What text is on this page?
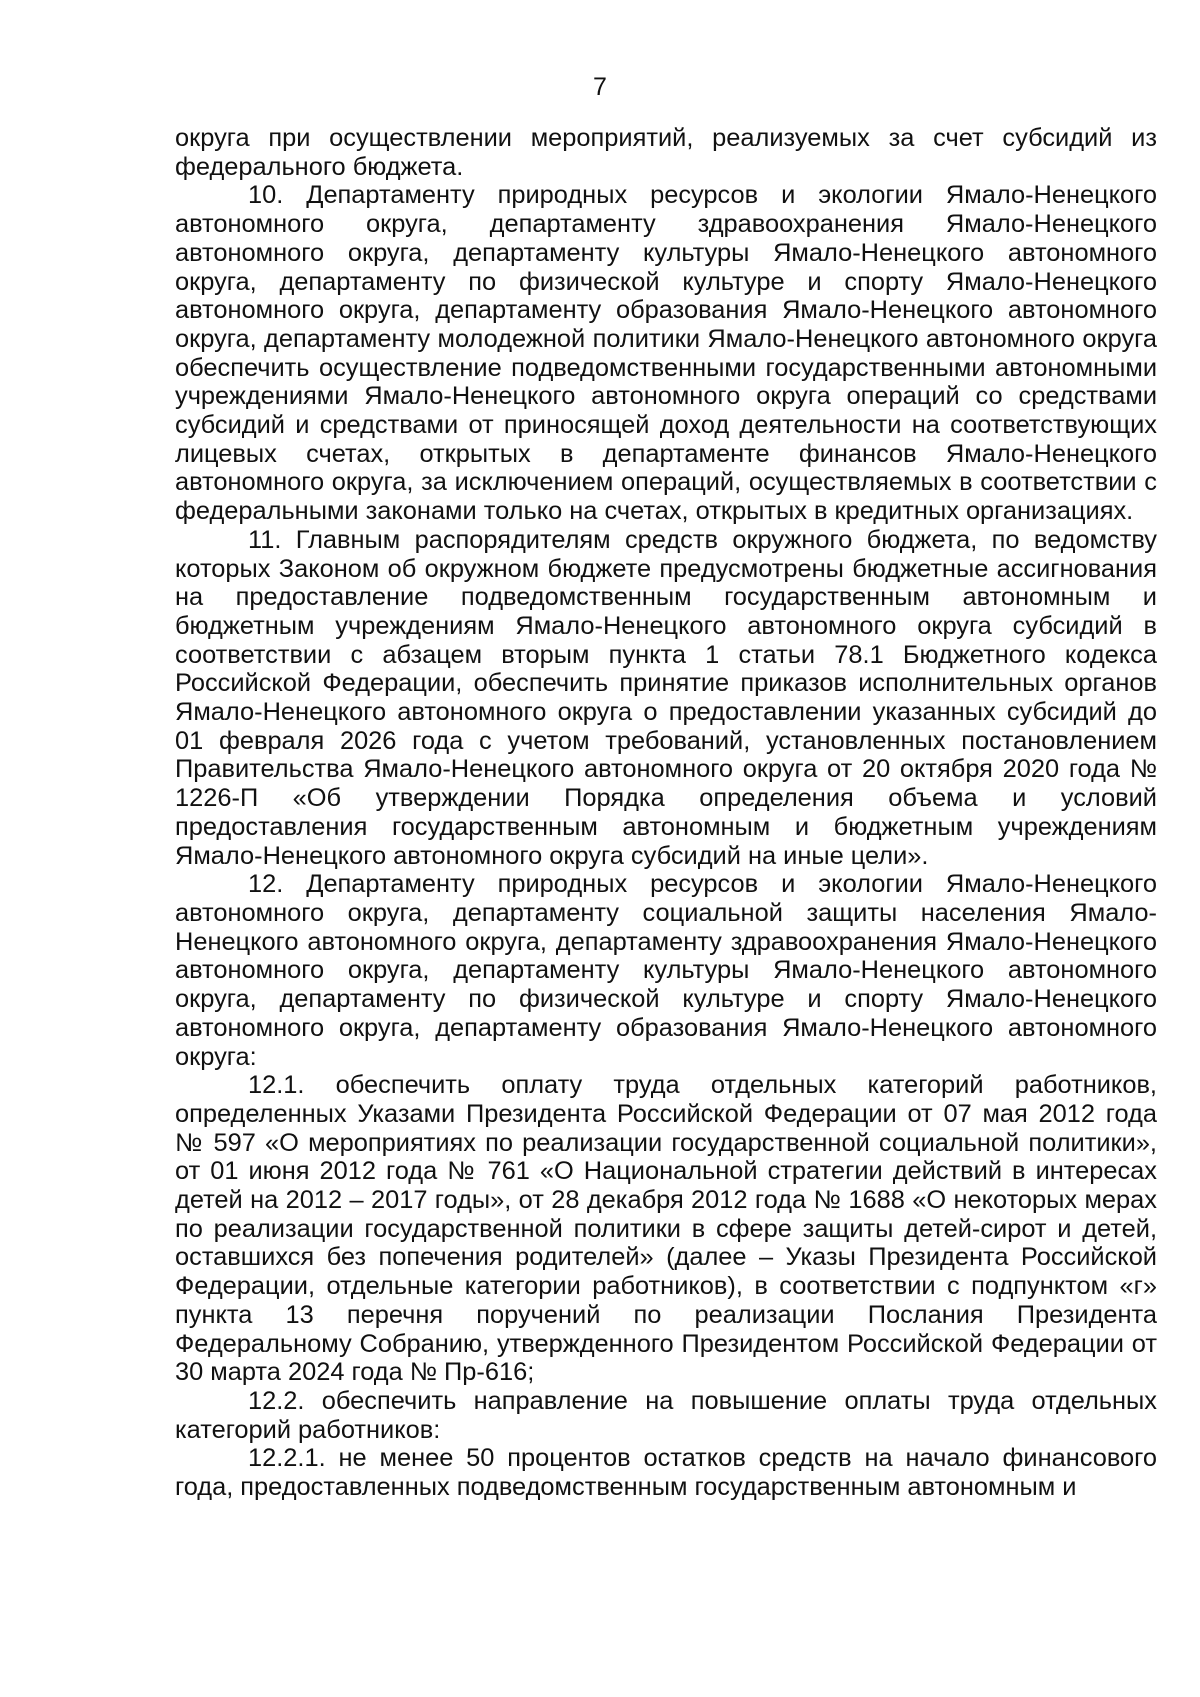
7

округа при осуществлении мероприятий, реализуемых за счет субсидий из федерального бюджета.

10. Департаменту природных ресурсов и экологии Ямало-Ненецкого автономного округа, департаменту здравоохранения Ямало-Ненецкого автономного округа, департаменту культуры Ямало-Ненецкого автономного округа, департаменту по физической культуре и спорту Ямало-Ненецкого автономного округа, департаменту образования Ямало-Ненецкого автономного округа, департаменту молодежной политики Ямало-Ненецкого автономного округа обеспечить осуществление подведомственными государственными автономными учреждениями Ямало-Ненецкого автономного округа операций со средствами субсидий и средствами от приносящей доход деятельности на соответствующих лицевых счетах, открытых в департаменте финансов Ямало-Ненецкого автономного округа, за исключением операций, осуществляемых в соответствии с федеральными законами только на счетах, открытых в кредитных организациях.

11. Главным распорядителям средств окружного бюджета, по ведомству которых Законом об окружном бюджете предусмотрены бюджетные ассигнования на предоставление подведомственным государственным автономным и бюджетным учреждениям Ямало-Ненецкого автономного округа субсидий в соответствии с абзацем вторым пункта 1 статьи 78.1 Бюджетного кодекса Российской Федерации, обеспечить принятие приказов исполнительных органов Ямало-Ненецкого автономного округа о предоставлении указанных субсидий до 01 февраля 2026 года с учетом требований, установленных постановлением Правительства Ямало-Ненецкого автономного округа от 20 октября 2020 года № 1226-П «Об утверждении Порядка определения объема и условий предоставления государственным автономным и бюджетным учреждениям Ямало-Ненецкого автономного округа субсидий на иные цели».

12. Департаменту природных ресурсов и экологии Ямало-Ненецкого автономного округа, департаменту социальной защиты населения Ямало-Ненецкого автономного округа, департаменту здравоохранения Ямало-Ненецкого автономного округа, департаменту культуры Ямало-Ненецкого автономного округа, департаменту по физической культуре и спорту Ямало-Ненецкого автономного округа, департаменту образования Ямало-Ненецкого автономного округа:

12.1. обеспечить оплату труда отдельных категорий работников, определенных Указами Президента Российской Федерации от 07 мая 2012 года № 597 «О мероприятиях по реализации государственной социальной политики», от 01 июня 2012 года № 761 «О Национальной стратегии действий в интересах детей на 2012 – 2017 годы», от 28 декабря 2012 года № 1688 «О некоторых мерах по реализации государственной политики в сфере защиты детей-сирот и детей, оставшихся без попечения родителей» (далее – Указы Президента Российской Федерации, отдельные категории работников), в соответствии с подпунктом «г» пункта 13 перечня поручений по реализации Послания Президента Федеральному Собранию, утвержденного Президентом Российской Федерации от 30 марта 2024 года № Пр-616;

12.2. обеспечить направление на повышение оплаты труда отдельных категорий работников:

12.2.1. не менее 50 процентов остатков средств на начало финансового года, предоставленных подведомственным государственным автономным и
